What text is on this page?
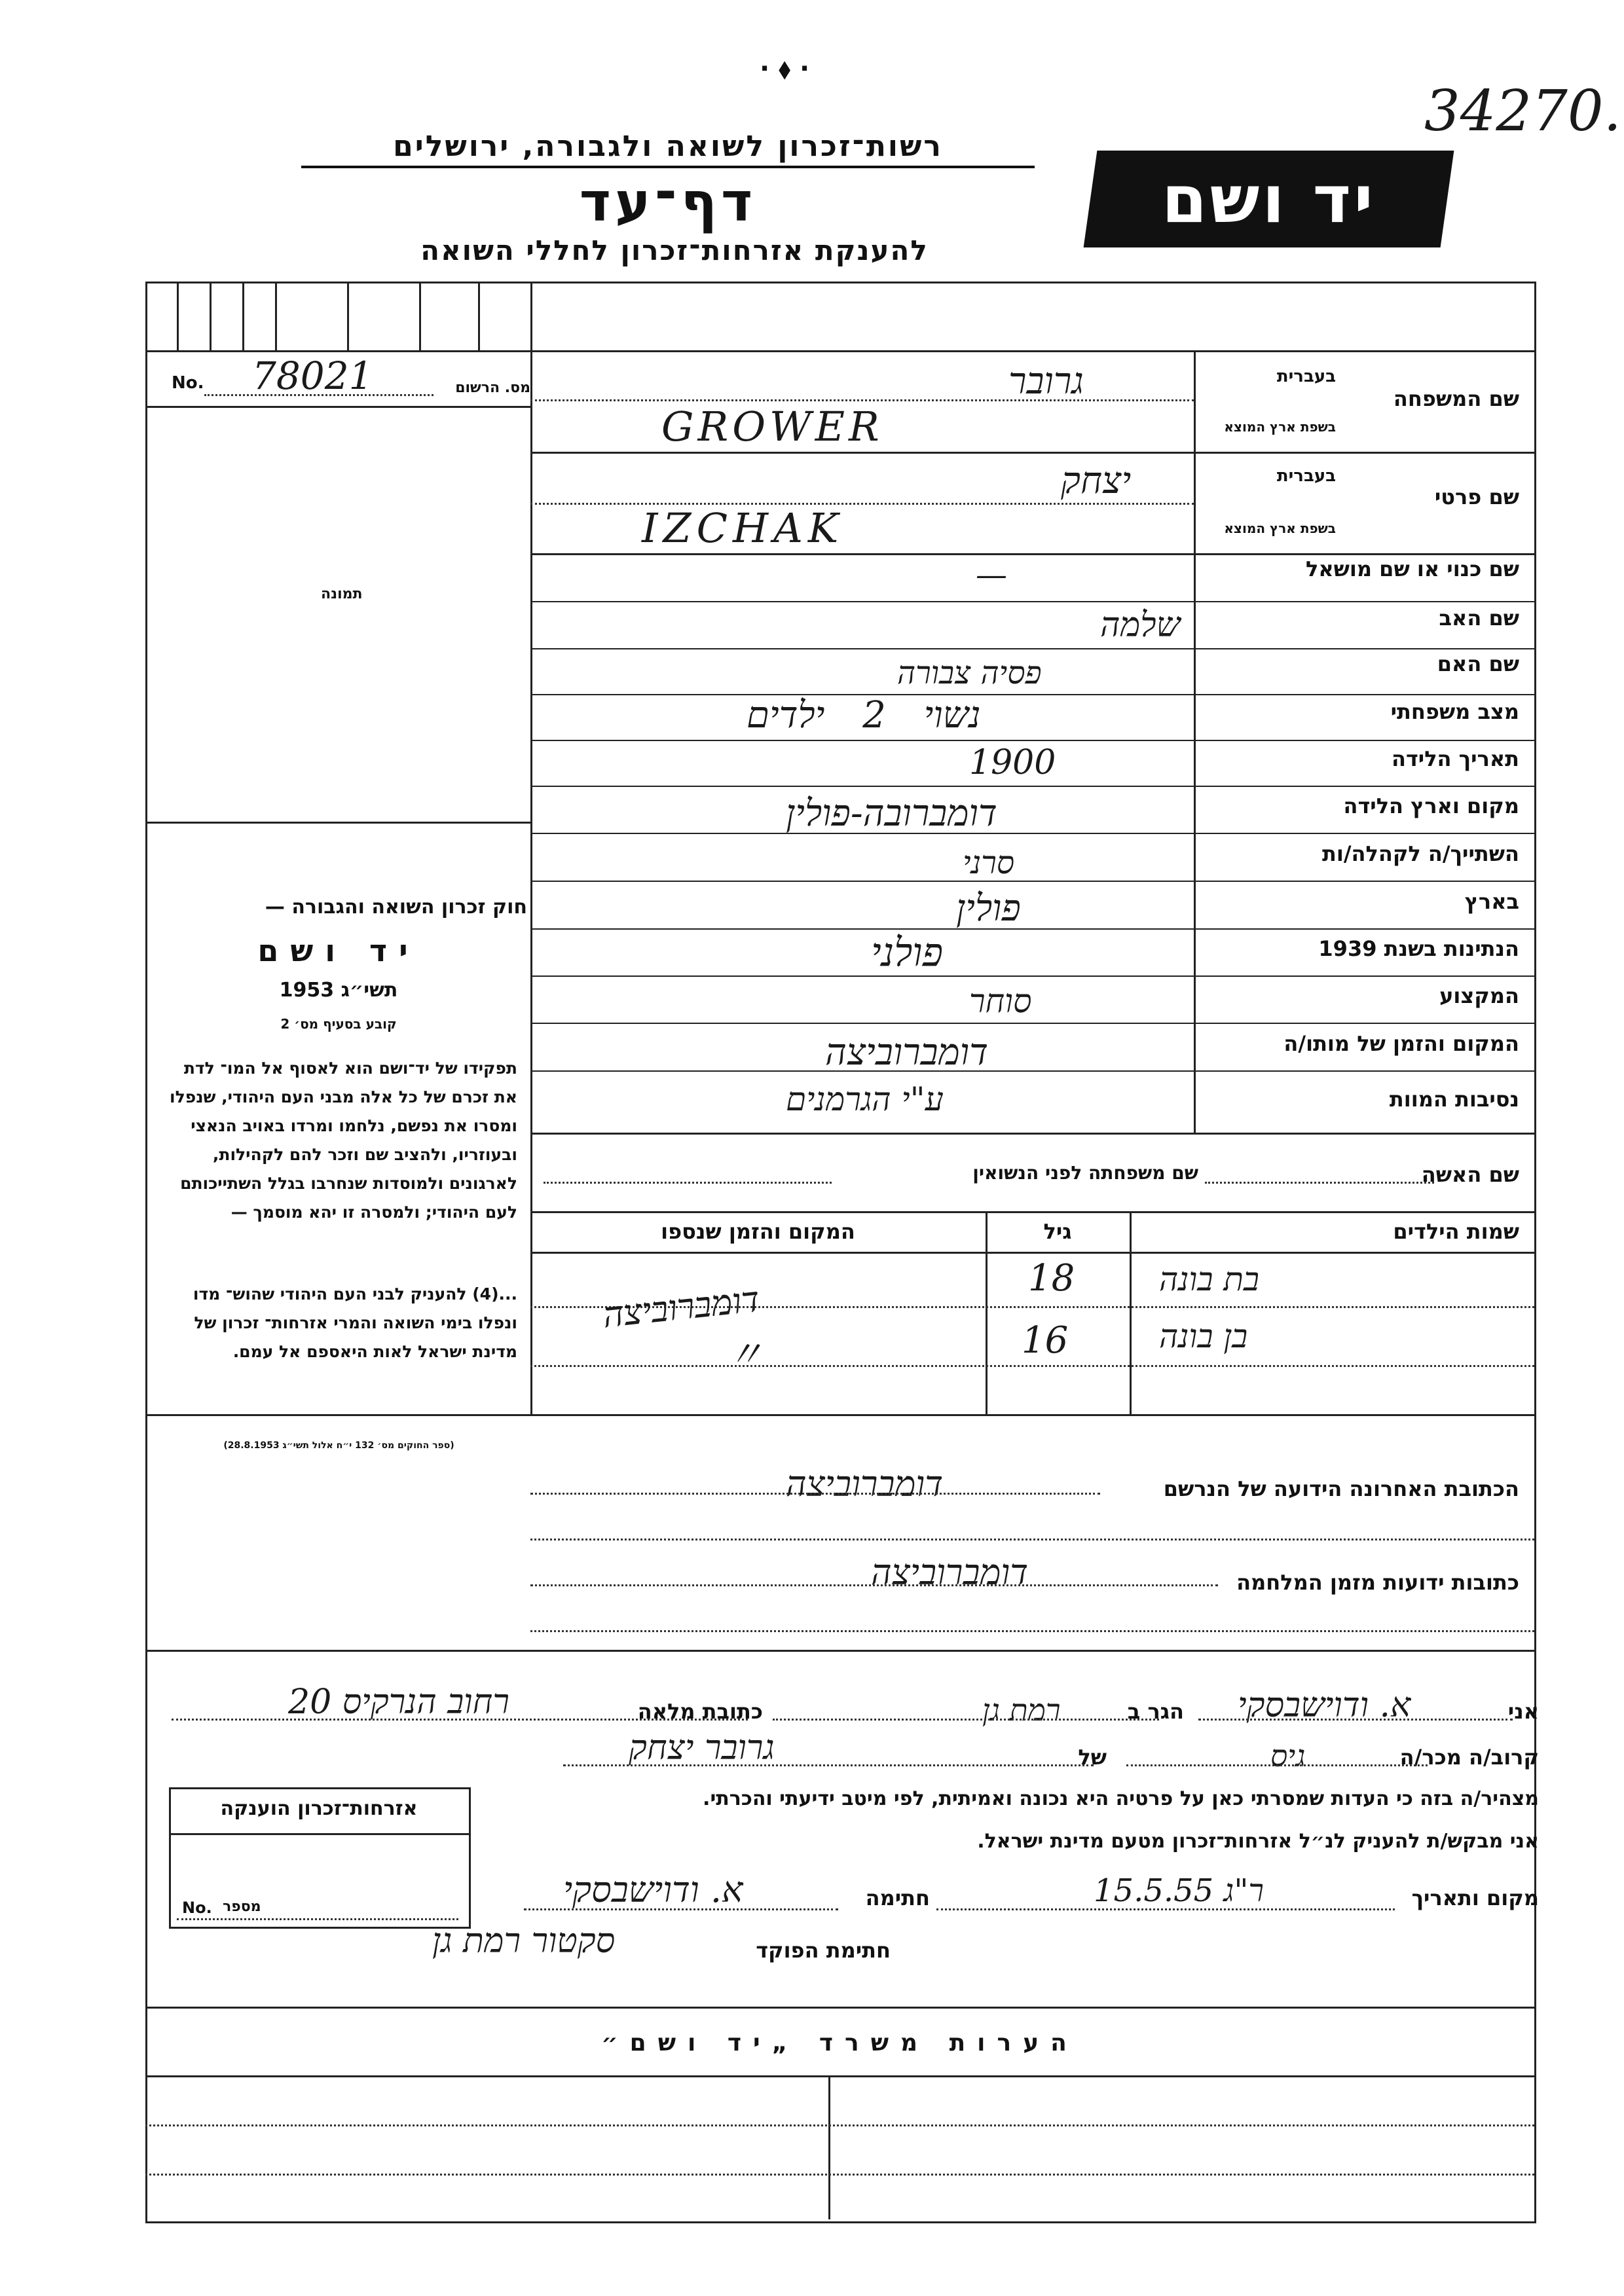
· ⬧ ·
34270.
רשות־זכרון לשואה ולגבורה, ירושלים
דף־עד
להענקת אזרחות־זכרון לחללי השואה
יד ושם
No. 78021	מס. הרשום
תמונה
חוק זכרון השואה והגבורה —
יד ושם
תשי״ג 1953
קובע בסעיף מס׳ 2
תפקידו של יד־ושם הוא לאסוף אל המו־ לדת את זכרם של כל אלה מבני העם היהודי, שנפלו ומסרו את נפשם, נלחמו ומרדו באויב הנאצי ובעוזריו, ולהציב שם וזכר להם לקהילות, לארגונים ולמוסדות שנחרבו בגלל השתייכותם לעם היהודי; ולמסרה זו יהא מוסמך —
...(4) להעניק לבני העם היהודי שהוש־ מדו ונפלו בימי השואה והמרי אזרחות־ זכרון של מדינת ישראל לאות היאספם אל עמם.
(ספר החוקים מס׳ 132 י״ח אלול תשי״ג 28.8.1953)
שם המשפחה
בעברית
בשפת ארץ המוצא
גרובר
GROWER
שם פרטי
בעברית
בשפת ארץ המוצא
יצחק
IZCHAK
שם כנוי או שם מושאל
—
שם האב
שלמה
שם האם
פסיה צבורה
מצב משפחתי
נשוי 2 ילדים
תאריך הלידה
1900
מקום וארץ הלידה
דומברובה-פולין
השתייך/ה לקהלה/ות
סרני
בארץ
פולין
הנתינות בשנת 1939
פולני
המקצוע
סוחר
המקום והזמן של מותו/ה
דומברוביצה
נסיבות המוות
ע"י הגרמנים
שם האשה
שם משפחתה לפני הנשואין
שמות הילדים
גיל
המקום והזמן שנספו
בת בונה
18
דומברוביצה
בן בונה
16
〃
הכתובת האחרונה הידועה של הנרשם
דומברוביצה
כתובות ידועות מזמן המלחמה
דומברוביצה
אני
א. ודוישבסקי
הגר ב
רמת גן
כתובת מלאה
רחוב הנרקיס 20
קרוב/ה מכר/ה
גיס
של
גרובר יצחק
מצהיר/ה בזה כי העדות שמסרתי כאן על פרטיה היא נכונה ואמיתית, לפי מיטב ידיעתי והכרתי.
אני מבקש/ת להעניק לנ״ל אזרחות־זכרון מטעם מדינת ישראל.
מקום ותאריך
ר"ג 15.5.55
חתימה
א. ודוישבסקי
חתימת הפוקד
סקטור רמת גן
אזרחות־זכרון הוענקה
No. מספר
הערות משרד „יד ושם״
